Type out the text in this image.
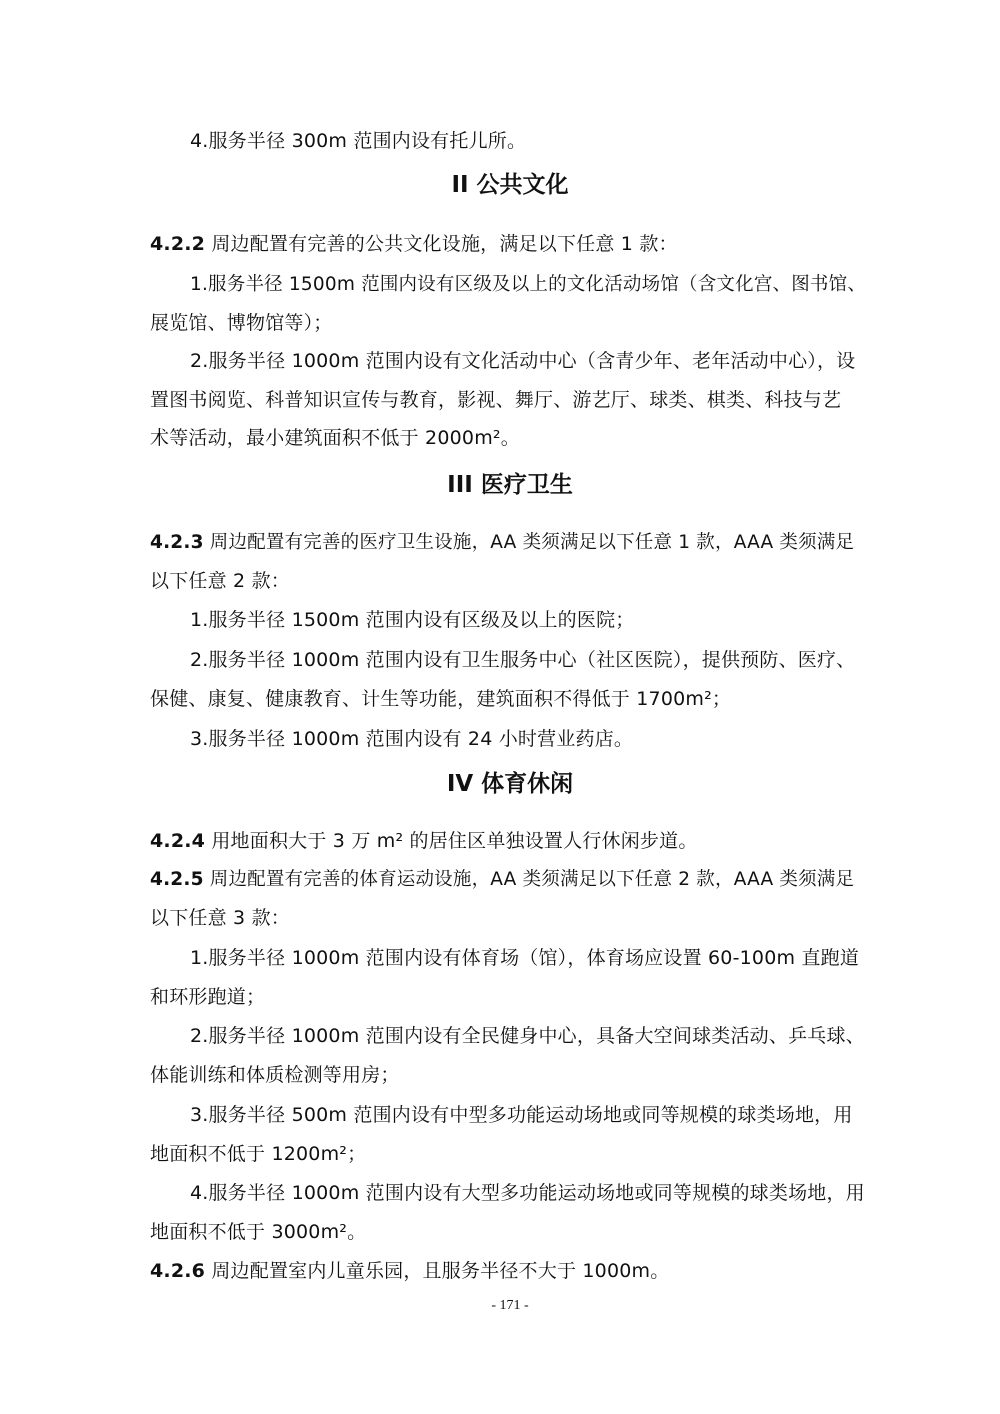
4.服务半径 300m 范围内设有托儿所。
II 公共文化
4.2.2 周边配置有完善的公共文化设施，满足以下任意 1 款：
1.服务半径 1500m 范围内设有区级及以上的文化活动场馆（含文化宫、图书馆、
展览馆、博物馆等）；
2.服务半径 1000m 范围内设有文化活动中心（含青少年、老年活动中心），设
置图书阅览、科普知识宣传与教育，影视、舞厅、游艺厅、球类、棋类、科技与艺
术等活动，最小建筑面积不低于 2000m²。
III 医疗卫生
4.2.3 周边配置有完善的医疗卫生设施，AA 类须满足以下任意 1 款，AAA 类须满足
以下任意 2 款：
1.服务半径 1500m 范围内设有区级及以上的医院；
2.服务半径 1000m 范围内设有卫生服务中心（社区医院），提供预防、医疗、
保健、康复、健康教育、计生等功能，建筑面积不得低于 1700m²；
3.服务半径 1000m 范围内设有 24 小时营业药店。
IV 体育休闲
4.2.4 用地面积大于 3 万 m² 的居住区单独设置人行休闲步道。
4.2.5 周边配置有完善的体育运动设施，AA 类须满足以下任意 2 款，AAA 类须满足
以下任意 3 款：
1.服务半径 1000m 范围内设有体育场（馆），体育场应设置 60-100m 直跑道
和环形跑道；
2.服务半径 1000m 范围内设有全民健身中心，具备大空间球类活动、乒乓球、
体能训练和体质检测等用房；
3.服务半径 500m 范围内设有中型多功能运动场地或同等规模的球类场地，用
地面积不低于 1200m²；
4.服务半径 1000m 范围内设有大型多功能运动场地或同等规模的球类场地，用
地面积不低于 3000m²。
4.2.6 周边配置室内儿童乐园，且服务半径不大于 1000m。
- 171 -
